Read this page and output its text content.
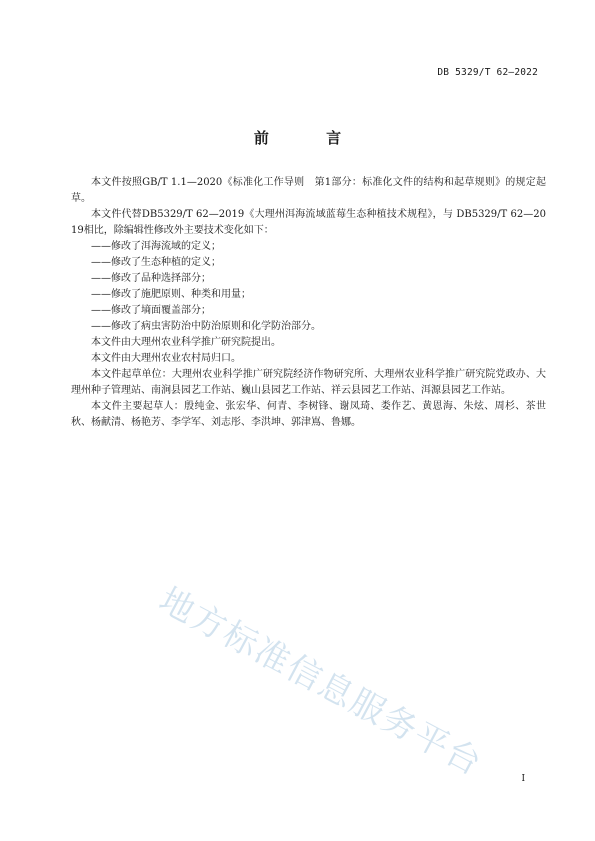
DB 5329/T 62—2022
前 言

本文件按照GB/T 1.1—2020《标准化工作导则　第1部分：标准化文件的结构和起草规则》的规定起草。

本文件代替DB5329/T 62—2019《大理州洱海流域蓝莓生态种植技术规程》，与 DB5329/T 62—2019相比，除编辑性修改外主要技术变化如下：

——修改了洱海流域的定义；

——修改了生态种植的定义；

——修改了品种选择部分；

——修改了施肥原则、种类和用量；

——修改了墒面覆盖部分；

——修改了病虫害防治中防治原则和化学防治部分。

本文件由大理州农业科学推广研究院提出。

本文件由大理州农业农村局归口。

本文件起草单位：大理州农业科学推广研究院经济作物研究所、大理州农业科学推广研究院党政办、大理州种子管理站、南涧县园艺工作站、巍山县园艺工作站、祥云县园艺工作站、洱源县园艺工作站。

本文件主要起草人：殷纯金、张宏华、何青、李树锋、谢凤琦、娄作艺、黄恩海、朱炫、周杉、茶世秋、杨献清、杨艳芳、李学军、刘志彤、李洪坤、郭津嶌、鲁娜。

地方标准信息服务平台	I
